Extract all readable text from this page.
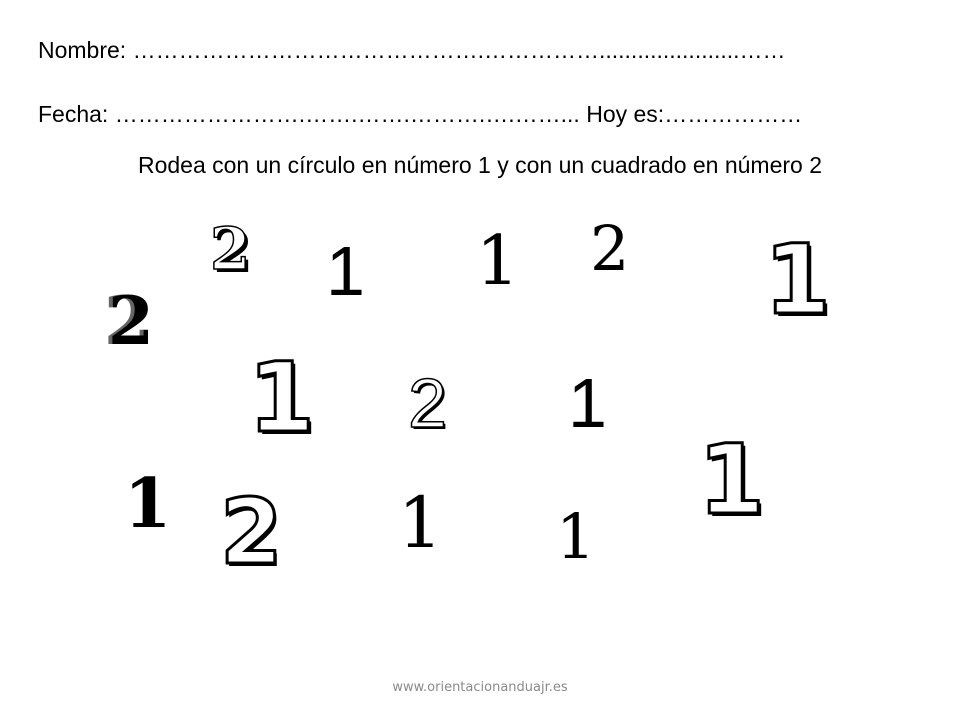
Nombre: ……………………………………….……………......................……
Fecha: …………………….…….…….……….….……... Hoy es:………………
Rodea con un círculo en número 1 y con un cuadrado en número 2
2 1 1 2 1
2
1 2 1
1
1 2 1 1
www.orientacionanduajr.es
